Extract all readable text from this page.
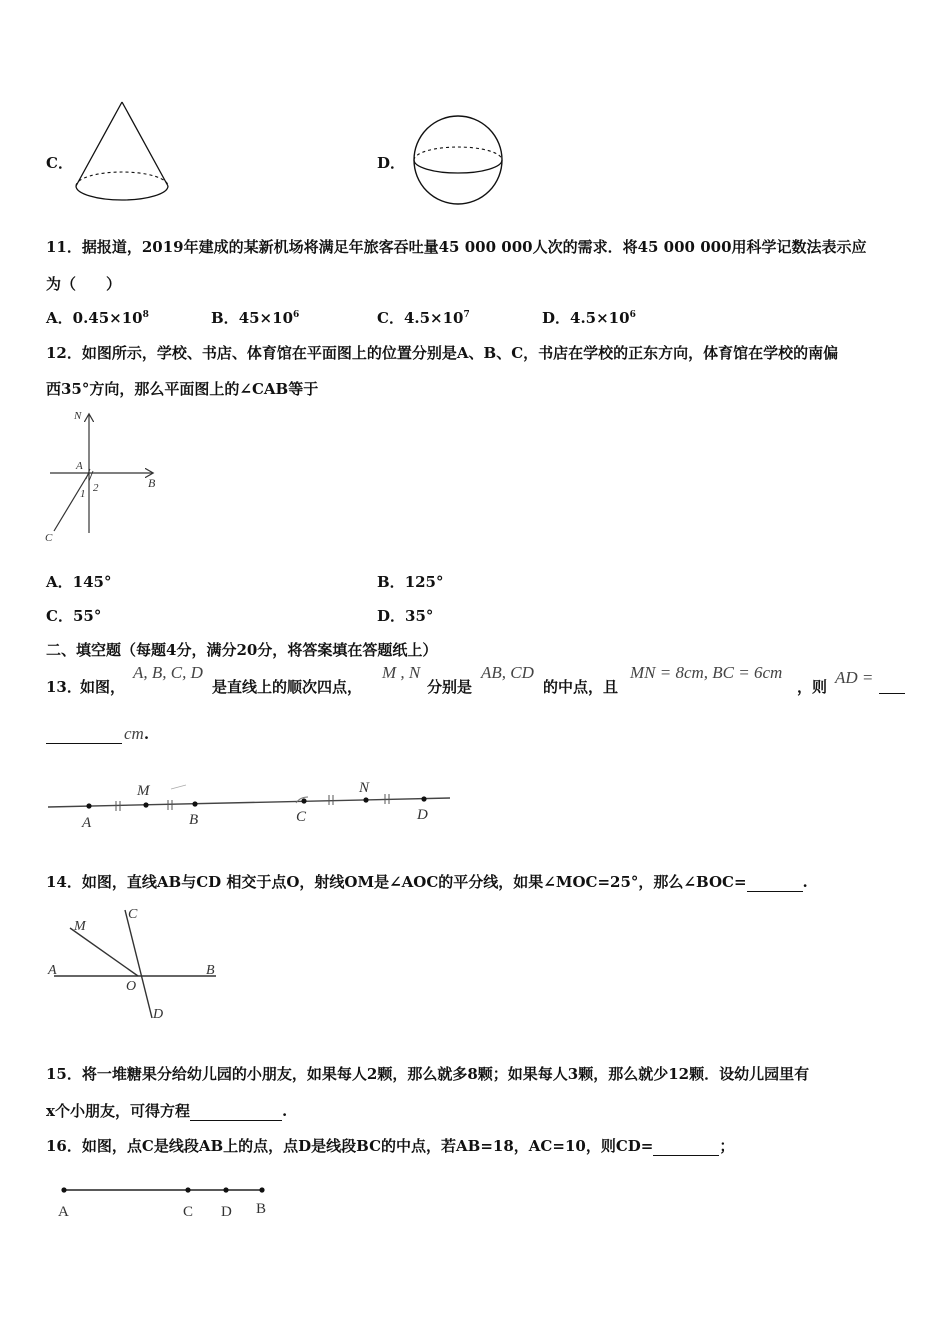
C．	D．
11．据报道，2019年建成的某新机场将满足年旅客吞吐量45 000 000人次的需求．将45 000 000用科学记数法表示应
为（　　）
A．$0.45\times 10^8$	B．$45\times 10^6$	C．$4.5\times 10^7$	D．$4.5\times 10^6$
12．如图所示，学校、书店、体育馆在平面图上的位置分别是A、B、C，书店在学校的正东方向，体育馆在学校的南偏
西35°方向，那么平面图上的∠CAB等于
N
A
B
C
1 2
A．145°	B．125°
C．55°	D．35°
二、填空题（每题4分，满分20分，将答案填在答题纸上）
13．
如图，
A, B, C, D
是直线上的顺次四点，
M , N
分别是
AB, CD
的中点，且
MN = 8cm, BC = 6cm
，则 AD =
cm.
A
M
B	C
N
D
14．如图，直线AB与CD 相交于点O，射线OM是∠AOC的平分线，如果∠MOC=25°，那么∠BOC=	.
M
C
A	B
O
D
15．将一堆糖果分给幼儿园的小朋友，如果每人2颗，那么就多8颗；如果每人3颗，那么就少12颗．设幼儿园里有
x个小朋友，可得方程	.
16．如图，点C是线段AB上的点，点D是线段BC的中点，若AB=18，AC=10，则CD=	；
A	C D B
